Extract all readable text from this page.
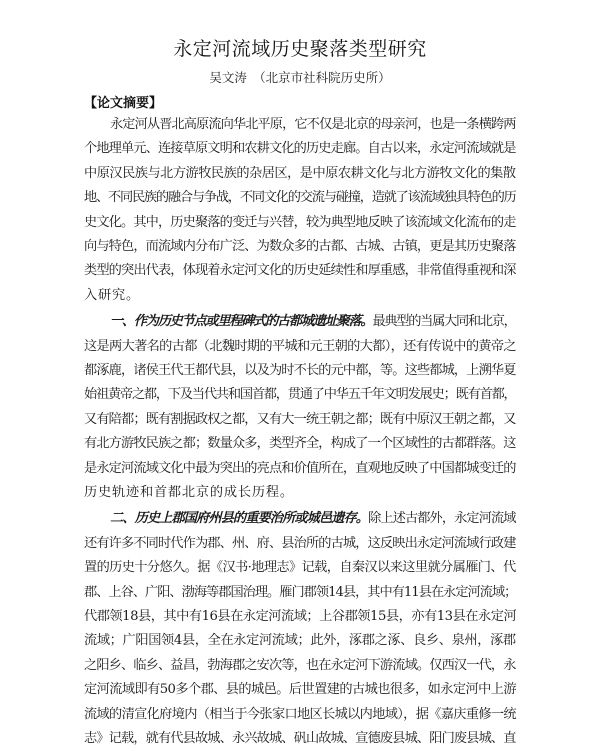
永定河流域历史聚落类型研究
吴文涛　（北京市社科院历史所）
【论文摘要】
永定河从晋北高原流向华北平原，它不仅是北京的母亲河，也是一条横跨两
个地理单元、连接草原文明和农耕文化的历史走廊。自古以来，永定河流域就是
中原汉民族与北方游牧民族的杂居区，是中原农耕文化与北方游牧文化的集散
地、不同民族的融合与争战，不同文化的交流与碰撞，造就了该流域独具特色的历
史文化。其中，历史聚落的变迁与兴替，较为典型地反映了该流域文化流布的走
向与特色，而流域内分布广泛、为数众多的古都、古城、古镇，更是其历史聚落
类型的突出代表，体现着永定河文化的历史延续性和厚重感，非常值得重视和深
入研究。
一、作为历史节点或里程碑式的古都城遗址聚落。最典型的当属大同和北京，
这是两大著名的古都（北魏时期的平城和元王朝的大都），还有传说中的黄帝之
都涿鹿，诸侯王代王都代县，以及为时不长的元中都，等。这些都城，上溯华夏
始祖黄帝之都，下及当代共和国首都，贯通了中华五千年文明发展史；既有首都，
又有陪都；既有割据政权之都，又有大一统王朝之都；既有中原汉王朝之都，又
有北方游牧民族之都；数量众多，类型齐全，构成了一个区域性的古都群落。这
是永定河流域文化中最为突出的亮点和价值所在，直观地反映了中国都城变迁的
历史轨迹和首都北京的成长历程。
二、历史上郡国府州县的重要治所或城邑遗存。除上述古都外，永定河流域
还有许多不同时代作为郡、州、府、县治所的古城，这反映出永定河流域行政建
置的历史十分悠久。据《汉书·地理志》记载，自秦汉以来这里就分属雁门、代
郡、上谷、广阳、渤海等郡国治理。雁门郡领14县，其中有11县在永定河流域；
代郡领18县，其中有16县在永定河流域；上谷郡领15县，亦有13县在永定河
流域；广阳国领4县，全在永定河流域；此外，涿郡之涿、良乡、泉州，涿郡
之阳乡、临乡、益昌，勃海郡之安次等，也在永定河下游流域。仅西汉一代，永
定河流域即有50多个郡、县的城邑。后世置建的古城也很多，如永定河中上游
流域的清宣化府境内（相当于今张家口地区长城以内地域），据《嘉庆重修一统
志》记载，就有代县故城、永兴故城、矾山故城、宣德废县城、阳门废县城、直
